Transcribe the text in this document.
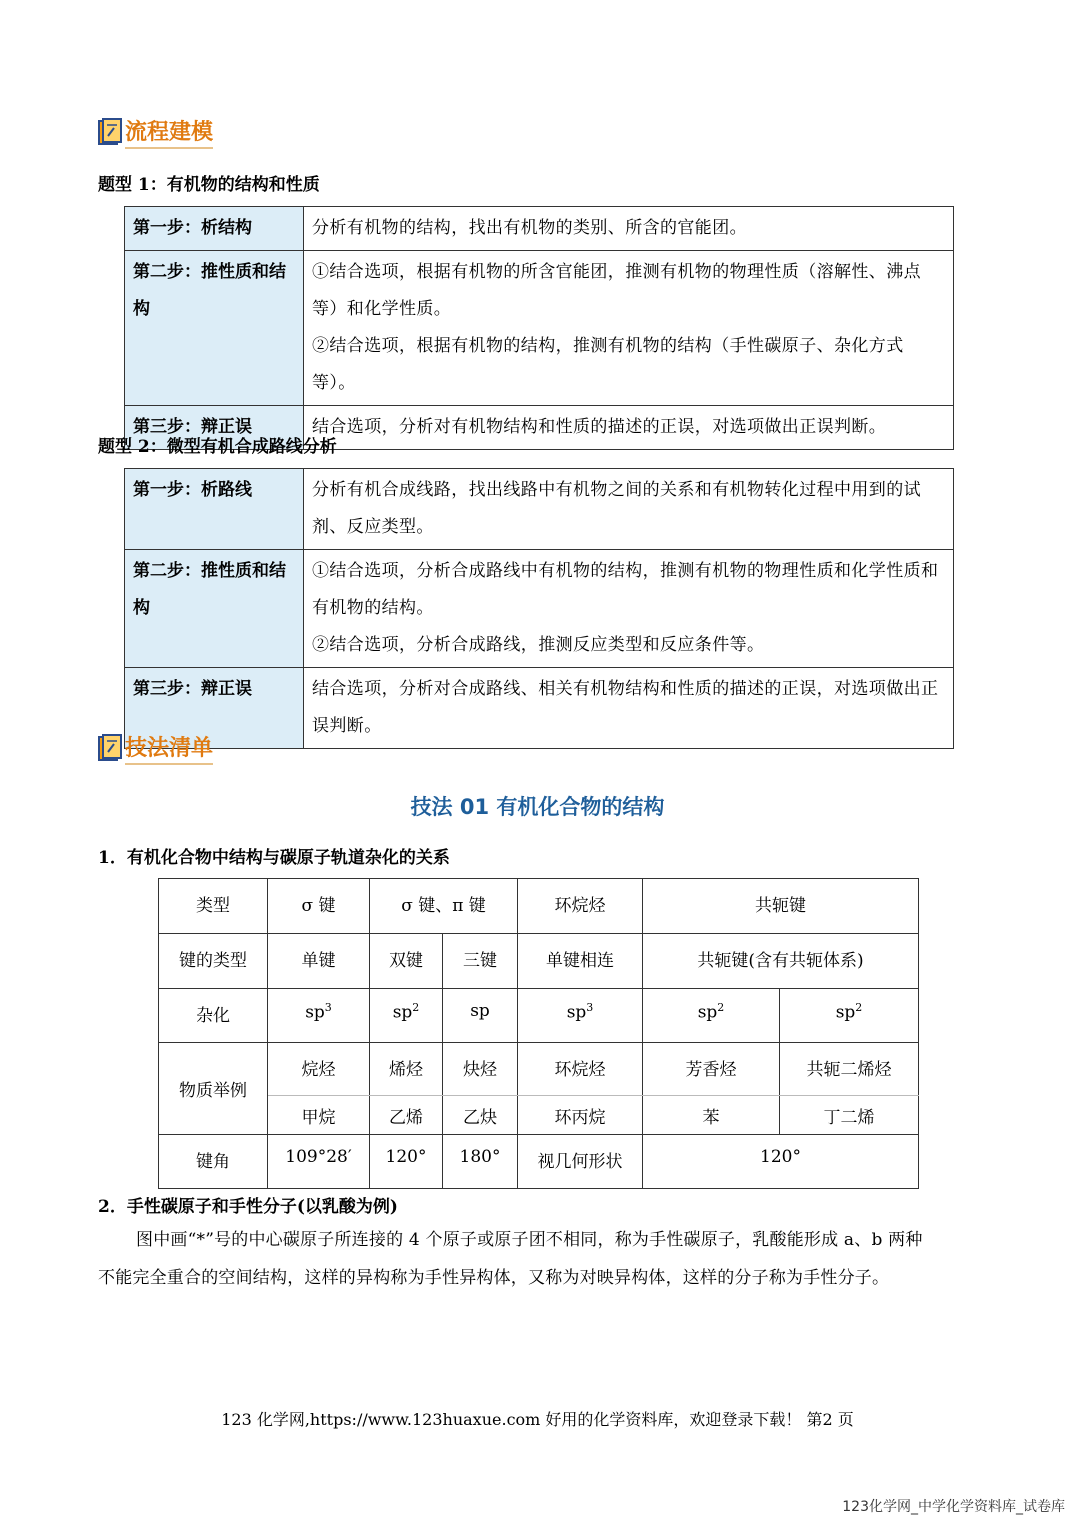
流程建模
题型 1：有机物的结构和性质
第一步：析结构	分析有机物的结构，找出有机物的类别、所含的官能团。

第二步：推性质和结构	①结合选项，根据有机物的所含官能团，推测有机物的物理性质（溶解性、沸点等）和化学性质。
②结合选项，根据有机物的结构，推测有机物的结构（手性碳原子、杂化方式等）。

第三步：辩正误	结合选项，分析对有机物结构和性质的描述的正误，对选项做出正误判断。
题型 2：微型有机合成路线分析
第一步：析路线	分析有机合成线路，找出线路中有机物之间的关系和有机物转化过程中用到的试剂、反应类型。

第二步：推性质和结构	①结合选项，分析合成路线中有机物的结构，推测有机物的物理性质和化学性质和有机物的结构。
②结合选项，分析合成路线，推测反应类型和反应条件等。

第三步：辩正误	结合选项，分析对合成路线、相关有机物结构和性质的描述的正误，对选项做出正误判断。
技法清单
技法 01 有机化合物的结构
1．有机化合物中结构与碳原子轨道杂化的关系
类型	σ 键	σ 键、π 键		环烷烃	共轭键	
键的类型	单键	双键	三键	单键相连	共轭键(含有共轭体系)	
杂化	$sp^3$	$sp^2$	sp	$sp^3$	$sp^2$	$sp^2$
物质举例	烷烃	烯烃	炔烃	环烷烃	芳香烃	共轭二烯烃
	甲烷	乙烯	乙炔	环丙烷	苯	丁二烯
键角	109°28′	120°	180°	视几何形状	120°	
2．手性碳原子和手性分子(以乳酸为例)
图中画“*”号的中心碳原子所连接的 4 个原子或原子团不相同，称为手性碳原子，乳酸能形成 a、b 两种
不能完全重合的空间结构，这样的异构称为手性异构体，又称为对映异构体，这样的分子称为手性分子。
123 化学网,https://www.123huaxue.com 好用的化学资料库，欢迎登录下载！ 第2 页
123化学网_中学化学资料库_试卷库
